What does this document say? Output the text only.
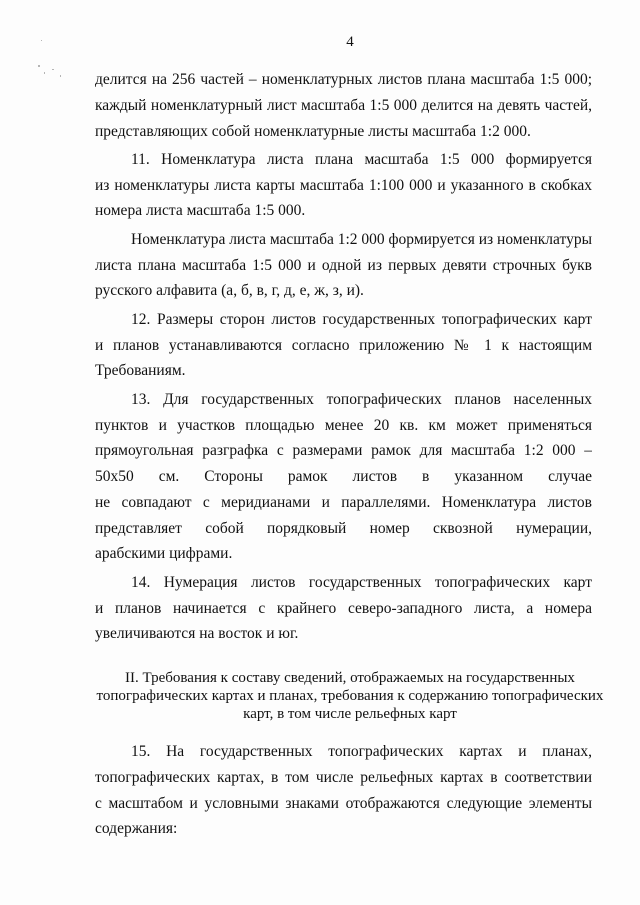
4
делится на 256 частей – номенклатурных листов плана масштаба 1:5 000;
каждый номенклатурный лист масштаба 1:5 000 делится на девять частей,
представляющих собой номенклатурные листы масштаба 1:2 000.
11. Номенклатура листа плана масштаба 1:5 000 формируется
из номенклатуры листа карты масштаба 1:100 000 и указанного в скобках
номера листа масштаба 1:5 000.
Номенклатура листа масштаба 1:2 000 формируется из номенклатуры
листа плана масштаба 1:5 000 и одной из первых девяти строчных букв
русского алфавита (а, б, в, г, д, е, ж, з, и).
12. Размеры сторон листов государственных топографических карт
и планов устанавливаются согласно приложению № 1 к настоящим
Требованиям.
13. Для государственных топографических планов населенных
пунктов и участков площадью менее 20 кв. км может применяться
прямоугольная разграфка с размерами рамок для масштаба 1:2 000 –
50x50 см. Стороны рамок листов в указанном случае
не совпадают с меридианами и параллелями. Номенклатура листов
представляет собой порядковый номер сквозной нумерации,
арабскими цифрами.
14. Нумерация листов государственных топографических карт
и планов начинается с крайнего северо-западного листа, а номера
увеличиваются на восток и юг.
II. Требования к составу сведений, отображаемых на государственных
топографических картах и планах, требования к содержанию топографических
карт, в том числе рельефных карт
15. На государственных топографических картах и планах,
топографических картах, в том числе рельефных картах в соответствии
с масштабом и условными знаками отображаются следующие элементы
содержания:
